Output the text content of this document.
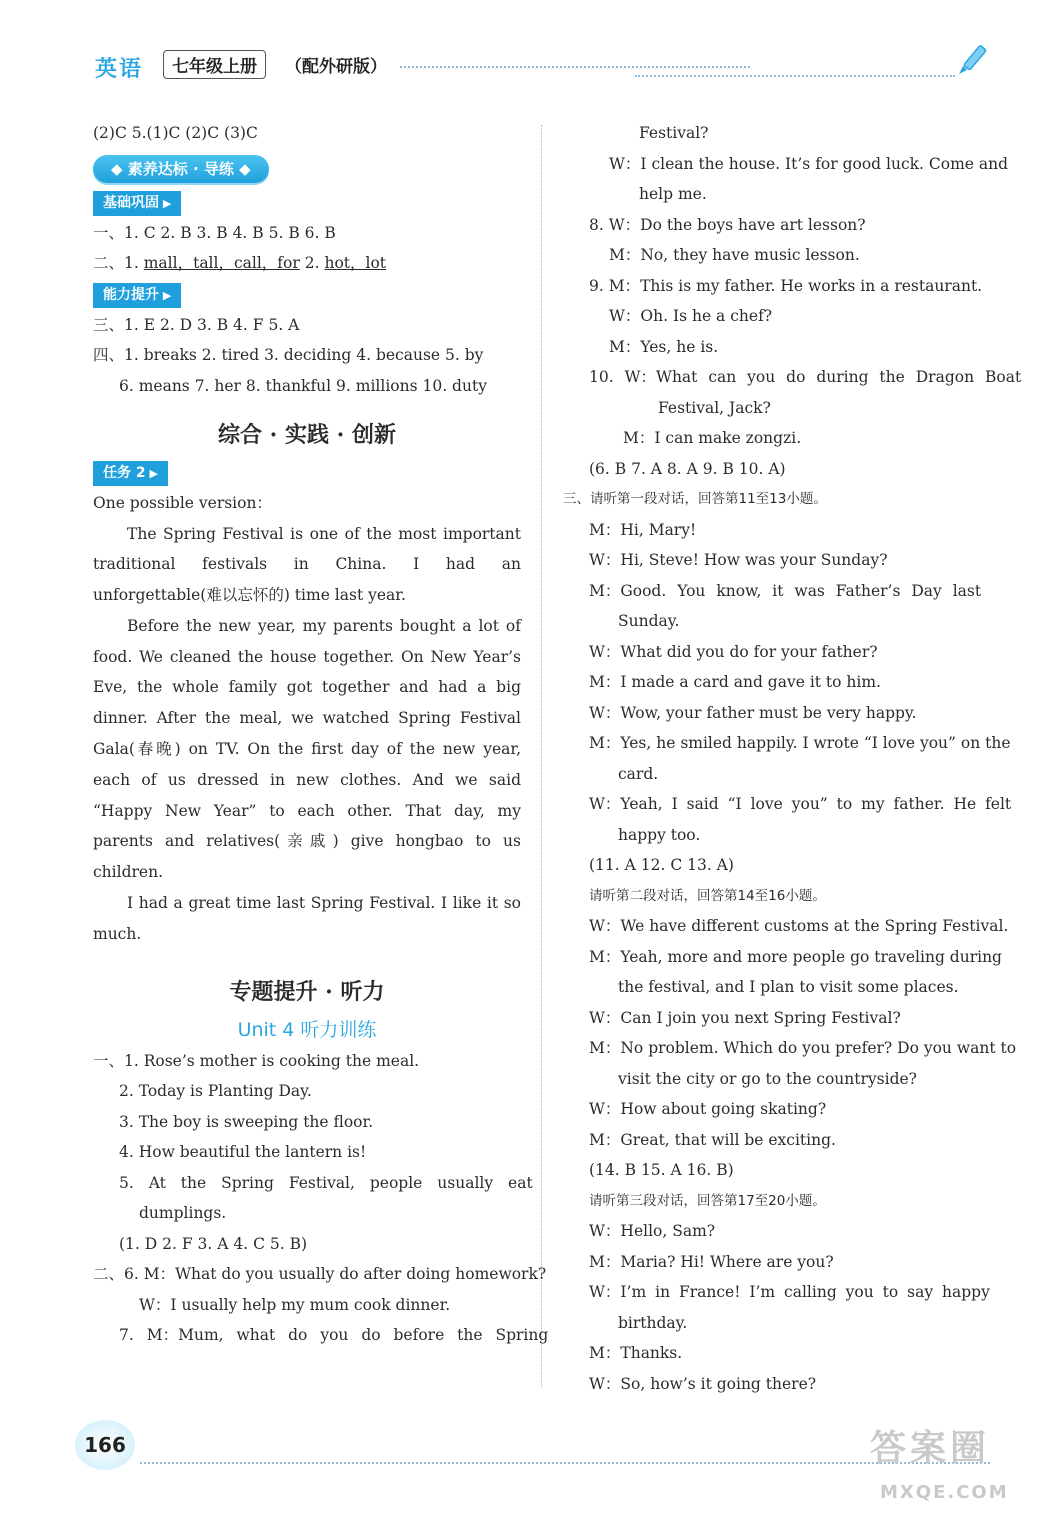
英语	七年级上册	（配外研版）
(2)C 5.(1)C (2)C (3)C
◆ 素养达标 · 导练 ◆
基础巩固 ▶
一、1. C 2. B 3. B 4. B 5. B 6. B
二、1. mall，tall，call，for 2. hot，lot
能力提升 ▶
三、1. E 2. D 3. B 4. F 5. A
四、1. breaks 2. tired 3. deciding 4. because 5. by
6. means 7. her 8. thankful 9. millions 10. duty
综合 · 实践 · 创新
任务 2 ▶
One possible version：
The Spring Festival is one of the most important traditional festivals in China. I had an unforgettable(难以忘怀的) time last year.
Before the new year, my parents bought a lot of food. We cleaned the house together. On New Year’s Eve, the whole family got together and had a big dinner. After the meal, we watched Spring Festival Gala(春晚) on TV. On the first day of the new year, each of us dressed in new clothes. And we said “Happy New Year” to each other. That day, my parents and relatives(亲戚) give hongbao to us children.
I had a great time last Spring Festival. I like it so much.
专题提升 · 听力
Unit 4 听力训练
一、1. Rose’s mother is cooking the meal.
2. Today is Planting Day.
3. The boy is sweeping the floor.
4. How beautiful the lantern is!
5. At the Spring Festival, people usually eat
dumplings.
(1. D 2. F 3. A 4. C 5. B)
二、6. M：What do you usually do after doing homework?
W：I usually help my mum cook dinner.
7. M：Mum, what do you do before the Spring
Festival?
W：I clean the house. It’s for good luck. Come and
help me.
8. W：Do the boys have art lesson?
M：No, they have music lesson.
9. M：This is my father. He works in a restaurant.
W：Oh. Is he a chef?
M：Yes, he is.
10. W：What can you do during the Dragon Boat
Festival, Jack?
M：I can make zongzi.
(6. B 7. A 8. A 9. B 10. A)
三、请听第一段对话，回答第11至13小题。
M：Hi, Mary!
W：Hi, Steve! How was your Sunday?
M：Good. You know, it was Father’s Day last
Sunday.
W：What did you do for your father?
M：I made a card and gave it to him.
W：Wow, your father must be very happy.
M：Yes, he smiled happily. I wrote “I love you” on the
card.
W：Yeah, I said “I love you” to my father. He felt
happy too.
(11. A 12. C 13. A)
请听第二段对话，回答第14至16小题。
W：We have different customs at the Spring Festival.
M：Yeah, more and more people go traveling during
the festival, and I plan to visit some places.
W：Can I join you next Spring Festival?
M：No problem. Which do you prefer? Do you want to
visit the city or go to the countryside?
W：How about going skating?
M：Great, that will be exciting.
(14. B 15. A 16. B)
请听第三段对话，回答第17至20小题。
W：Hello, Sam?
M：Maria? Hi! Where are you?
W：I’m in France! I’m calling you to say happy
birthday.
M：Thanks.
W：So, how’s it going there?
166	答案圈
MXQE.COM
